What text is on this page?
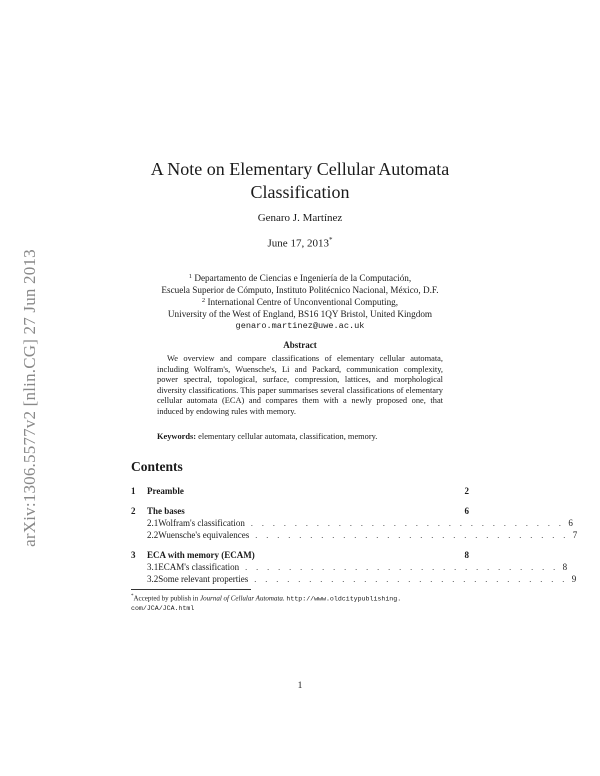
arXiv:1306.5577v2 [nlin.CG] 27 Jun 2013
A Note on Elementary Cellular Automata
Classification
Genaro J. Martínez
June 17, 2013*
$^1$ Departamento de Ciencias e Ingeniería de la Computación,
Escuela Superior de Cómputo, Instituto Politécnico Nacional, México, D.F.
$^2$ International Centre of Unconventional Computing,
University of the West of England, BS16 1QY Bristol, United Kingdom
genaro.martinez@uwe.ac.uk
Abstract
We overview and compare classifications of elementary cellular automata, including Wolfram's, Wuensche's, Li and Packard, communication complexity, power spectral, topological, surface, compression, lattices, and morphological diversity classifications. This paper summarises several classifications of elementary cellular automata (ECA) and compares them with a newly proposed one, that induced by endowing rules with memory.
Keywords: elementary cellular automata, classification, memory.
Contents
1	Preamble	2
2	The bases	6
2.1 Wolfram's classification . . . . . . . . . . . . . . . . . . . . . . . . . . . . . 6
2.2 Wuensche's equivalences . . . . . . . . . . . . . . . . . . . . . . . . . . . . . 7
3	ECA with memory (ECAM)	8
3.1 ECAM's classification . . . . . . . . . . . . . . . . . . . . . . . . . . . . . 8
3.2 Some relevant properties . . . . . . . . . . . . . . . . . . . . . . . . . . . . . 9
*Accepted by publish in Journal of Cellular Automata. http://www.oldcitypublishing.
com/JCA/JCA.html
1
